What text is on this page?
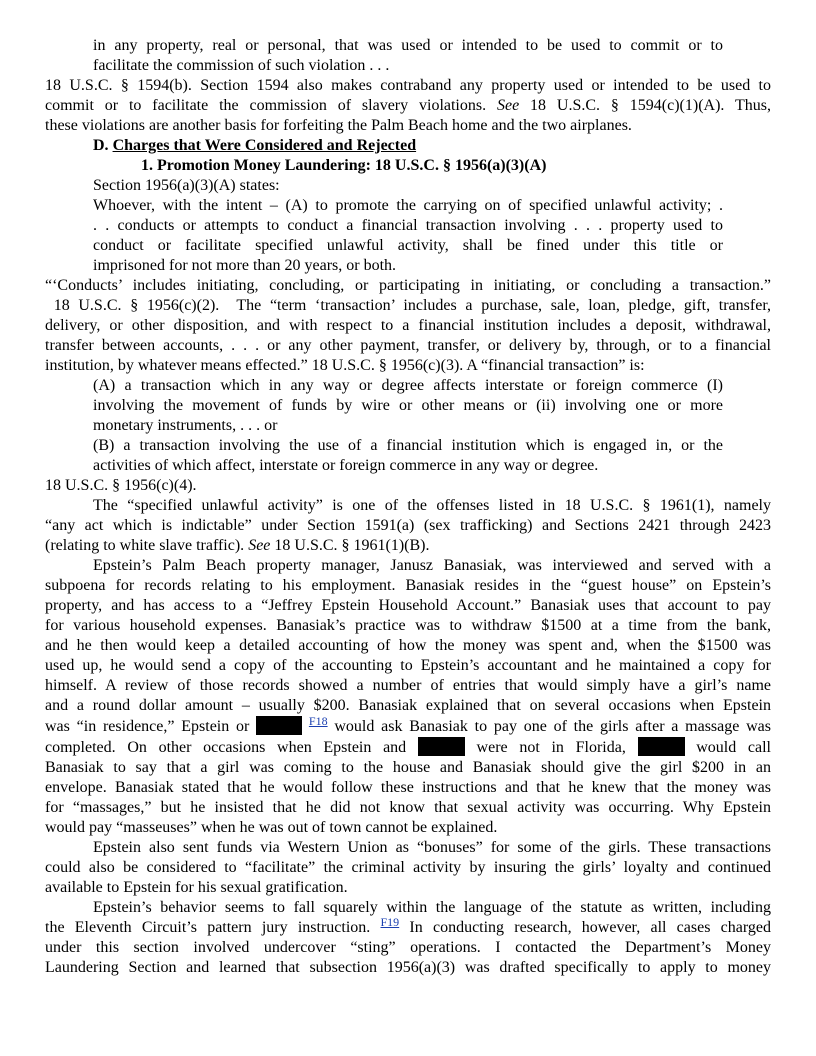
in any property, real or personal, that was used or intended to be used to commit or to

facilitate the commission of such violation . . .

18 U.S.C. § 1594(b). Section 1594 also makes contraband any property used or intended to be used to

commit or to facilitate the commission of slavery violations. See 18 U.S.C. § 1594(c)(1)(A). Thus,

these violations are another basis for forfeiting the Palm Beach home and the two airplanes.

D. Charges that Were Considered and Rejected

1. Promotion Money Laundering: 18 U.S.C. § 1956(a)(3)(A)

Section 1956(a)(3)(A) states:

Whoever, with the intent – (A) to promote the carrying on of specified unlawful activity; .

. . conducts or attempts to conduct a financial transaction involving . . . property used to

conduct or facilitate specified unlawful activity, shall be fined under this title or

imprisoned for not more than 20 years, or both.

“‘Conducts’ includes initiating, concluding, or participating in initiating, or concluding a transaction.”

18 U.S.C. § 1956(c)(2).  The “term ‘transaction’ includes a purchase, sale, loan, pledge, gift, transfer,

delivery, or other disposition, and with respect to a financial institution includes a deposit, withdrawal,

transfer between accounts, . . . or any other payment, transfer, or delivery by, through, or to a financial

institution, by whatever means effected.” 18 U.S.C. § 1956(c)(3). A “financial transaction” is:

(A) a transaction which in any way or degree affects interstate or foreign commerce (I)

involving the movement of funds by wire or other means or (ii) involving one or more

monetary instruments, . . . or

(B) a transaction involving the use of a financial institution which is engaged in, or the

activities of which affect, interstate or foreign commerce in any way or degree.

18 U.S.C. § 1956(c)(4).

The “specified unlawful activity” is one of the offenses listed in 18 U.S.C. § 1961(1), namely

“any act which is indictable” under Section 1591(a) (sex trafficking) and Sections 2421 through 2423

(relating to white slave traffic). See 18 U.S.C. § 1961(1)(B).

Epstein’s Palm Beach property manager, Janusz Banasiak, was interviewed and served with a

subpoena for records relating to his employment. Banasiak resides in the “guest house” on Epstein’s

property, and has access to a “Jeffrey Epstein Household Account.” Banasiak uses that account to pay

for various household expenses. Banasiak’s practice was to withdraw $1500 at a time from the bank,

and he then would keep a detailed accounting of how the money was spent and, when the $1500 was

used up, he would send a copy of the accounting to Epstein’s accountant and he maintained a copy for

himself. A review of those records showed a number of entries that would simply have a girl’s name

and a round dollar amount – usually $200. Banasiak explained that on several occasions when Epstein

was “in residence,” Epstein or	$^{F18}$ would ask Banasiak to pay one of the girls after a massage was

completed. On other occasions when Epstein and	were not in Florida,	would call

Banasiak to say that a girl was coming to the house and Banasiak should give the girl $200 in an

envelope. Banasiak stated that he would follow these instructions and that he knew that the money was

for “massages,” but he insisted that he did not know that sexual activity was occurring. Why Epstein

would pay “masseuses” when he was out of town cannot be explained.

Epstein also sent funds via Western Union as “bonuses” for some of the girls. These transactions

could also be considered to “facilitate” the criminal activity by insuring the girls’ loyalty and continued

available to Epstein for his sexual gratification.

Epstein’s behavior seems to fall squarely within the language of the statute as written, including

the Eleventh Circuit’s pattern jury instruction. $^{F19}$ In conducting research, however, all cases charged

under this section involved undercover “sting” operations. I contacted the Department’s Money

Laundering Section and learned that subsection 1956(a)(3) was drafted specifically to apply to money
